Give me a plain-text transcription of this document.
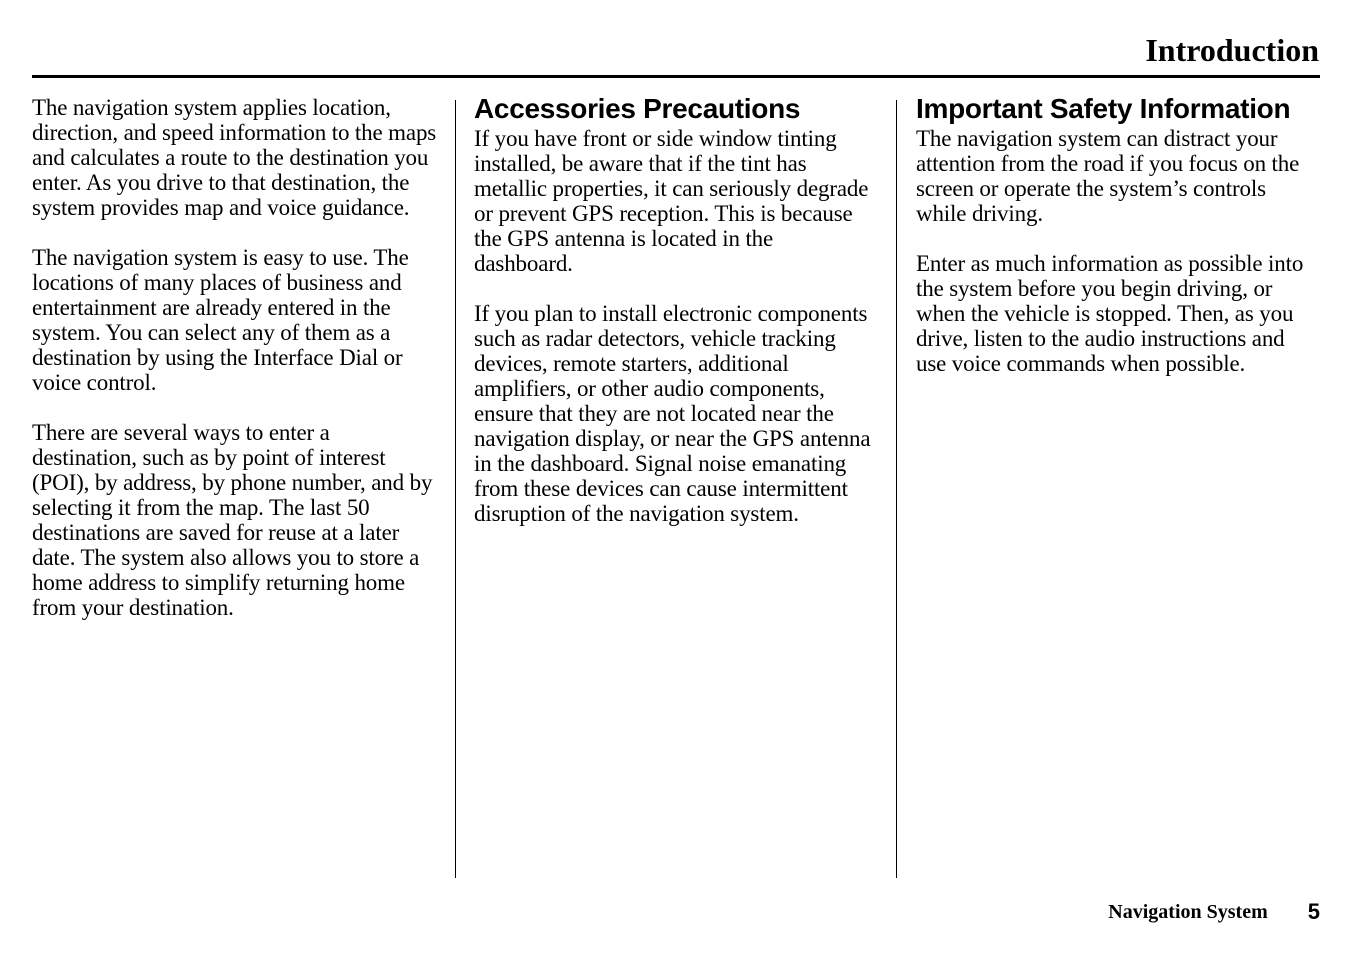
Introduction

The navigation system applies location, direction, and speed information to the maps and calculates a route to the destination you enter. As you drive to that destination, the system provides map and voice guidance.

The navigation system is easy to use. The locations of many places of business and entertainment are already entered in the system. You can select any of them as a destination by using the Interface Dial or voice control.

There are several ways to enter a destination, such as by point of interest (POI), by address, by phone number, and by selecting it from the map. The last 50 destinations are saved for reuse at a later date. The system also allows you to store a home address to simplify returning home from your destination.

Accessories Precautions

If you have front or side window tinting installed, be aware that if the tint has metallic properties, it can seriously degrade or prevent GPS reception. This is because the GPS antenna is located in the dashboard.

If you plan to install electronic components such as radar detectors, vehicle tracking devices, remote starters, additional amplifiers, or other audio components, ensure that they are not located near the navigation display, or near the GPS antenna in the dashboard. Signal noise emanating from these devices can cause intermittent disruption of the navigation system.

Important Safety Information

The navigation system can distract your attention from the road if you focus on the screen or operate the system’s controls while driving.

Enter as much information as possible into the system before you begin driving, or when the vehicle is stopped. Then, as you drive, listen to the audio instructions and use voice commands when possible.

Navigation System 5
